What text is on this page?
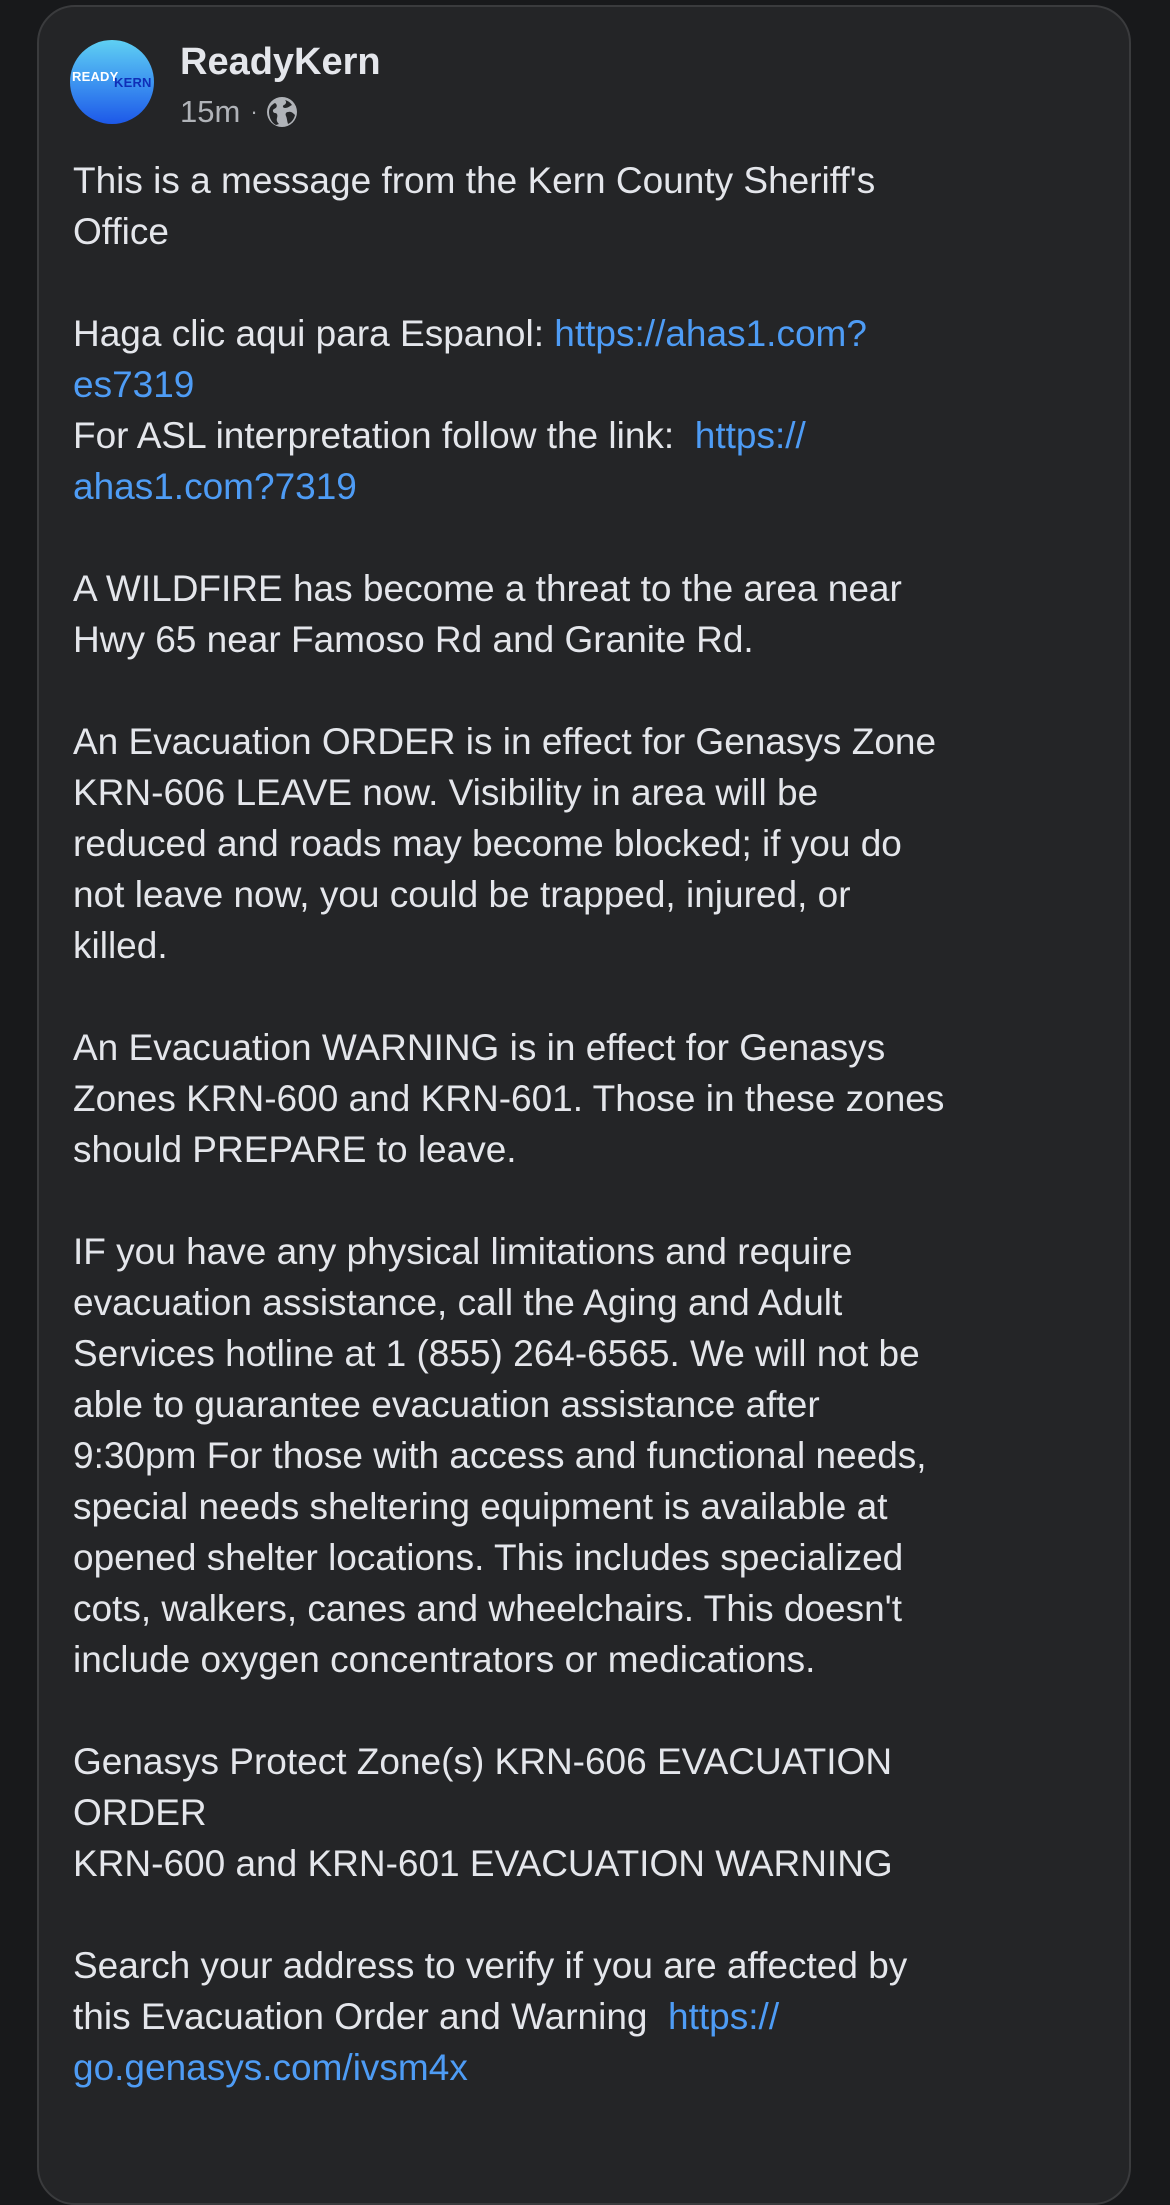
READY
KERN ReadyKern
15m ·
This is a message from the Kern County Sheriff's
Office
Haga clic aqui para Espanol: https://ahas1.com?
es7319
For ASL interpretation follow the link:  https://
ahas1.com?7319
A WILDFIRE has become a threat to the area near
Hwy 65 near Famoso Rd and Granite Rd.
An Evacuation ORDER is in effect for Genasys Zone
KRN-606 LEAVE now. Visibility in area will be
reduced and roads may become blocked; if you do
not leave now, you could be trapped, injured, or
killed.
An Evacuation WARNING is in effect for Genasys
Zones KRN-600 and KRN-601. Those in these zones
should PREPARE to leave.
IF you have any physical limitations and require
evacuation assistance, call the Aging and Adult
Services hotline at 1 (855) 264-6565. We will not be
able to guarantee evacuation assistance after
9:30pm For those with access and functional needs,
special needs sheltering equipment is available at
opened shelter locations. This includes specialized
cots, walkers, canes and wheelchairs. This doesn't
include oxygen concentrators or medications.
Genasys Protect Zone(s) KRN-606 EVACUATION
ORDER
KRN-600 and KRN-601 EVACUATION WARNING
Search your address to verify if you are affected by
this Evacuation Order and Warning  https://
go.genasys.com/ivsm4x
